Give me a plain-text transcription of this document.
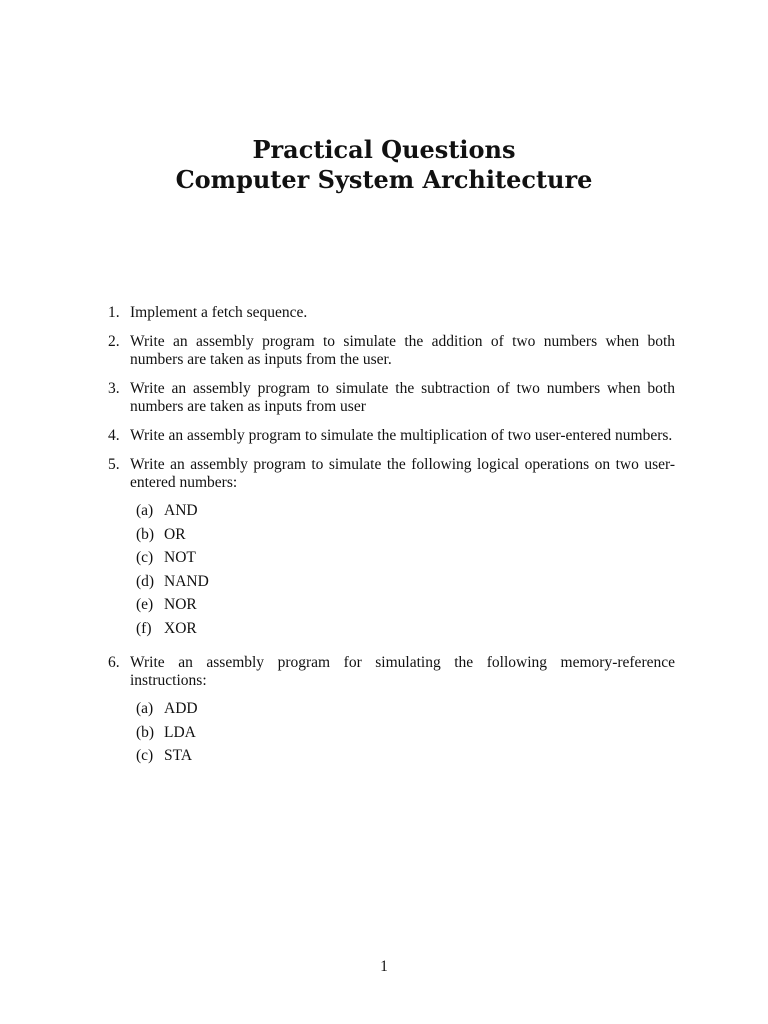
Practical Questions

Computer System Architecture

1. Implement a fetch sequence.
2. Write an assembly program to simulate the addition of two numbers when both numbers are taken as inputs from the user.
3. Write an assembly program to simulate the subtraction of two numbers when both numbers are taken as inputs from user
4. Write an assembly program to simulate the multiplication of two user-entered numbers.
5. Write an assembly program to simulate the following logical operations on two user-entered numbers:
(a) AND
(b) OR
(c) NOT
(d) NAND
(e) NOR
(f) XOR
6. Write an assembly program for simulating the following memory-reference instructions:
(a) ADD
(b) LDA
(c) STA
1
